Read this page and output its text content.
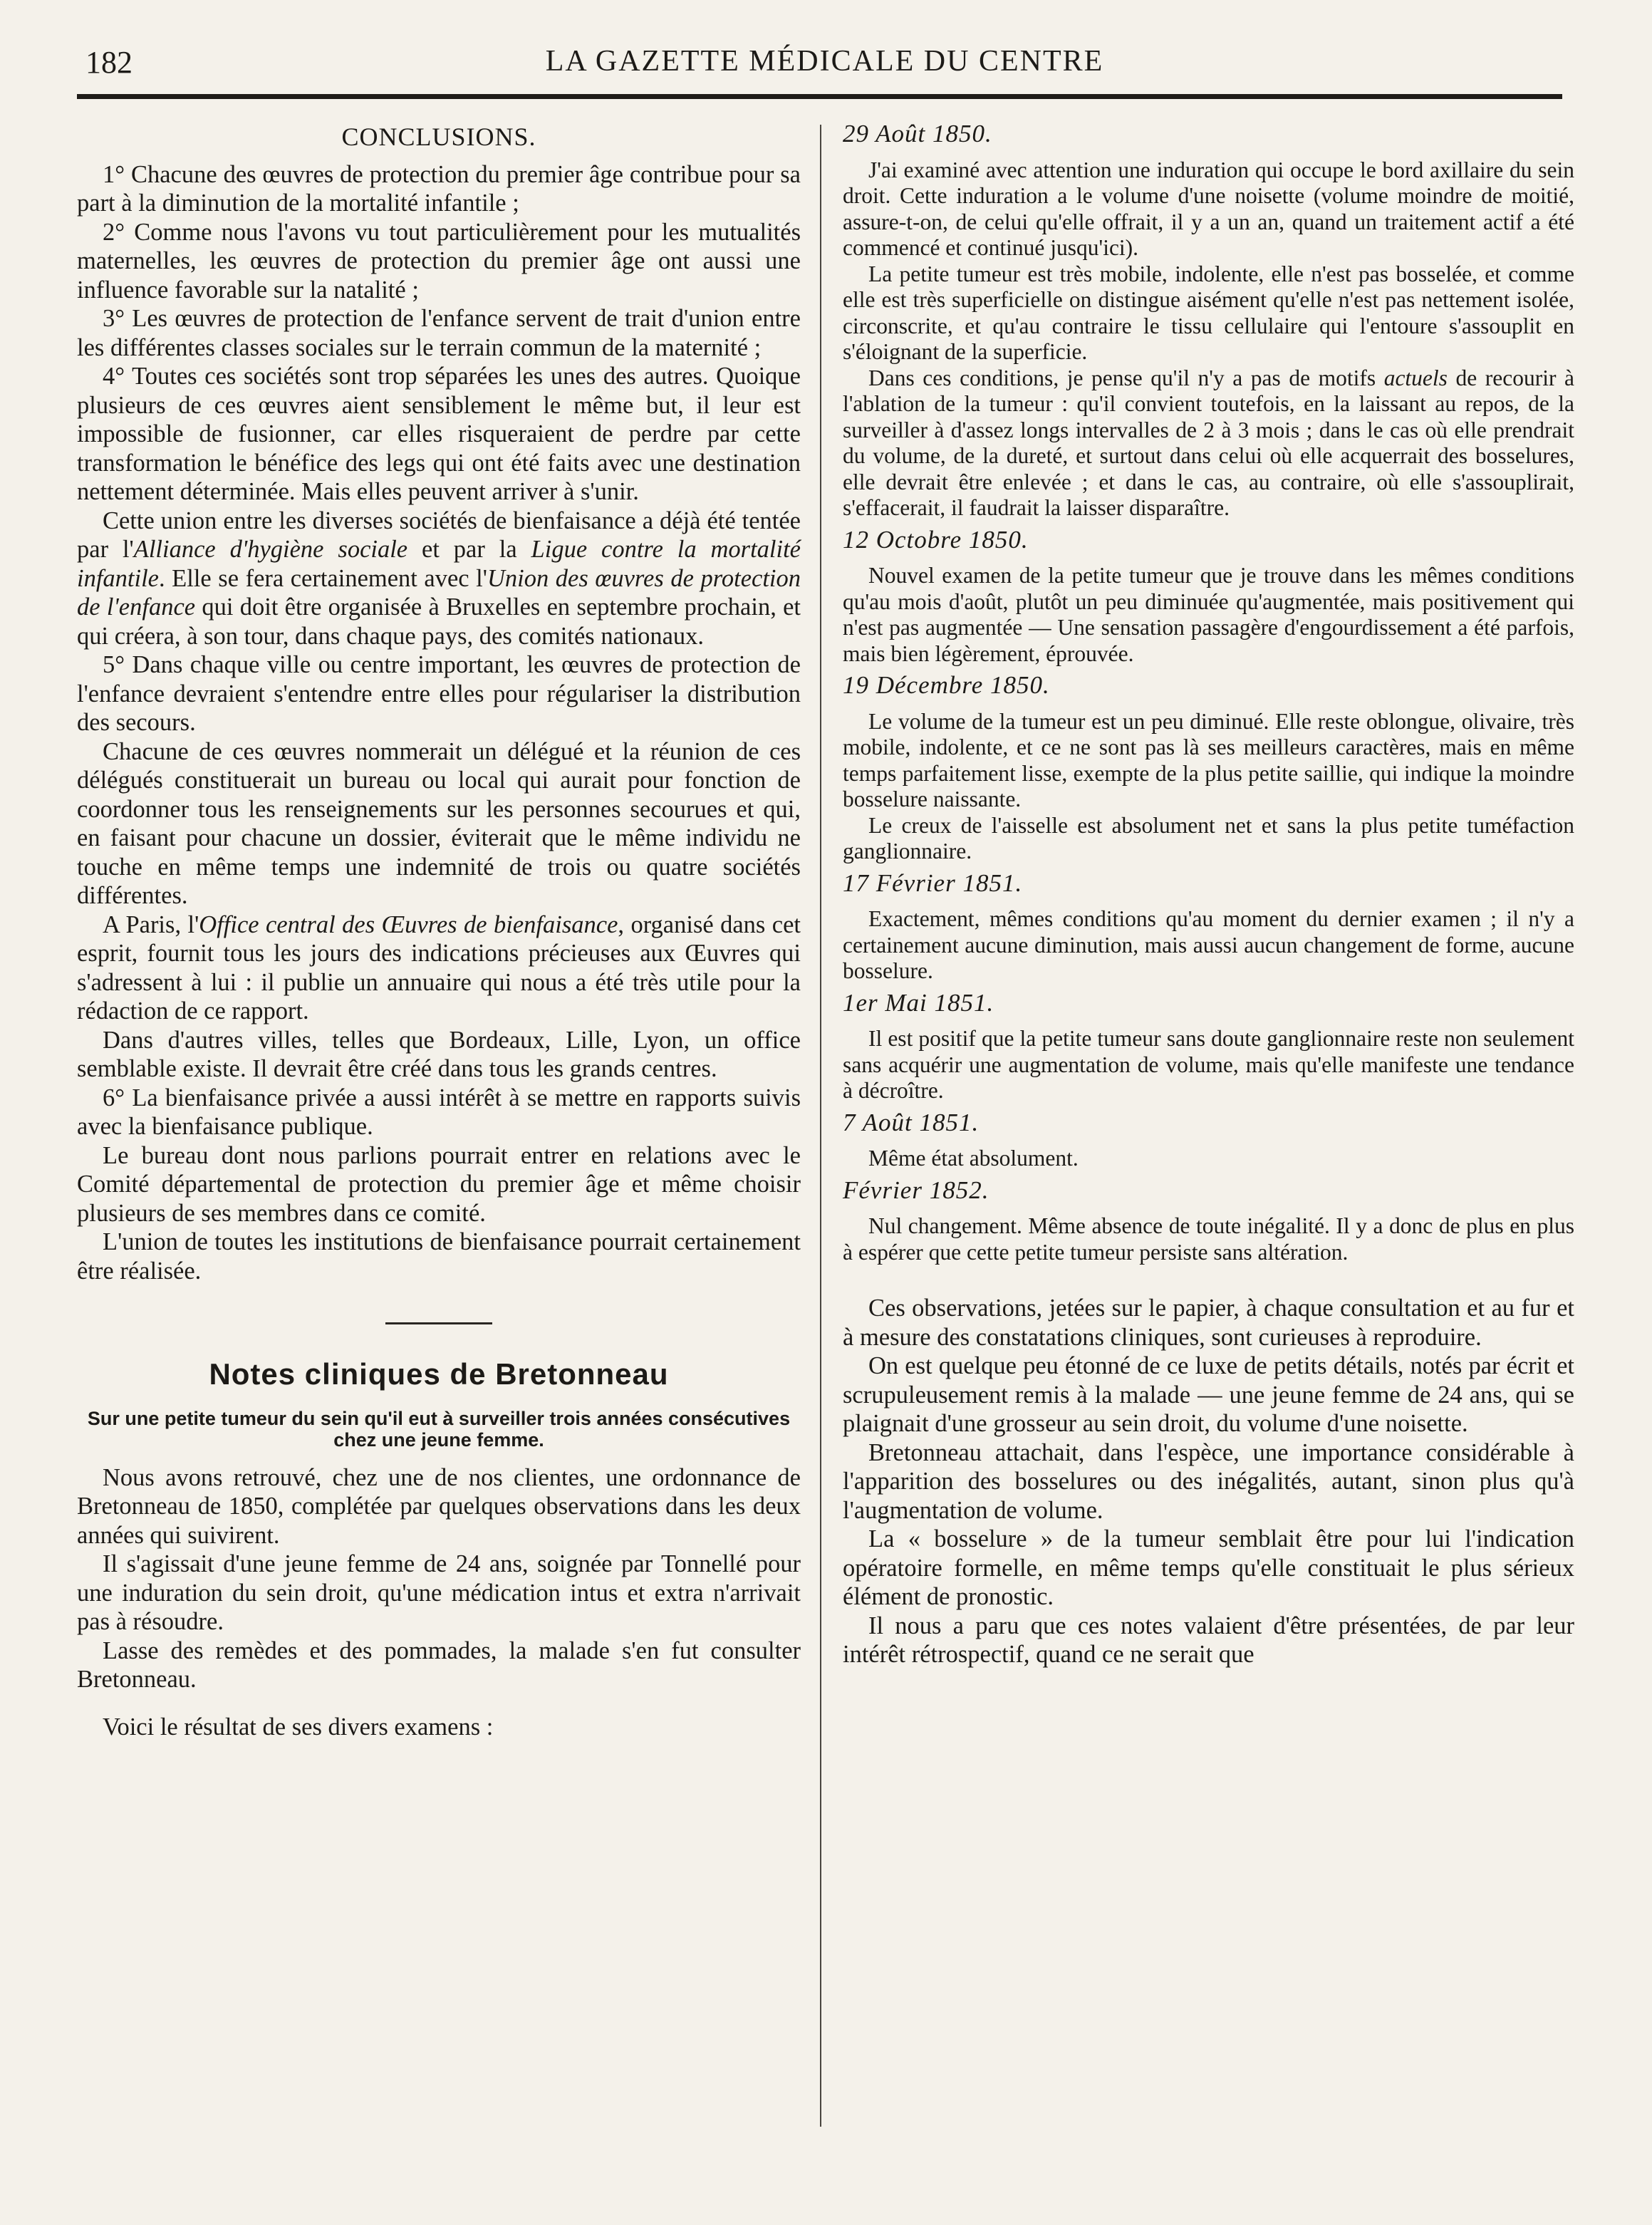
182	LA GAZETTE MÉDICALE DU CENTRE
CONCLUSIONS.

1° Chacune des œuvres de protection du premier âge contribue pour sa part à la diminution de la mortalité infantile ;

2° Comme nous l'avons vu tout particulièrement pour les mutualités maternelles, les œuvres de protection du premier âge ont aussi une influence favorable sur la natalité ;

3° Les œuvres de protection de l'enfance servent de trait d'union entre les différentes classes sociales sur le terrain commun de la maternité ;

4° Toutes ces sociétés sont trop séparées les unes des autres. Quoique plusieurs de ces œuvres aient sensiblement le même but, il leur est impossible de fusionner, car elles risqueraient de perdre par cette transformation le bénéfice des legs qui ont été faits avec une destination nettement déterminée. Mais elles peuvent arriver à s'unir.

Cette union entre les diverses sociétés de bienfaisance a déjà été tentée par l'Alliance d'hygiène sociale et par la Ligue contre la mortalité infantile. Elle se fera certainement avec l'Union des œuvres de protection de l'enfance qui doit être organisée à Bruxelles en septembre prochain, et qui créera, à son tour, dans chaque pays, des comités nationaux.

5° Dans chaque ville ou centre important, les œuvres de protection de l'enfance devraient s'entendre entre elles pour régulariser la distribution des secours.

Chacune de ces œuvres nommerait un délégué et la réunion de ces délégués constituerait un bureau ou local qui aurait pour fonction de coordonner tous les renseignements sur les personnes secourues et qui, en faisant pour chacune un dossier, éviterait que le même individu ne touche en même temps une indemnité de trois ou quatre sociétés différentes.

A Paris, l'Office central des Œuvres de bienfaisance, organisé dans cet esprit, fournit tous les jours des indications précieuses aux Œuvres qui s'adressent à lui : il publie un annuaire qui nous a été très utile pour la rédaction de ce rapport.

Dans d'autres villes, telles que Bordeaux, Lille, Lyon, un office semblable existe. Il devrait être créé dans tous les grands centres.

6° La bienfaisance privée a aussi intérêt à se mettre en rapports suivis avec la bienfaisance publique.

Le bureau dont nous parlions pourrait entrer en relations avec le Comité départemental de protection du premier âge et même choisir plusieurs de ses membres dans ce comité.

L'union de toutes les institutions de bienfaisance pourrait certainement être réalisée.

Notes cliniques de Bretonneau
Sur une petite tumeur du sein qu'il eut à surveiller trois années consécutives chez une jeune femme.

Nous avons retrouvé, chez une de nos clientes, une ordonnance de Bretonneau de 1850, complétée par quelques observations dans les deux années qui suivirent.

Il s'agissait d'une jeune femme de 24 ans, soignée par Tonnellé pour une induration du sein droit, qu'une médication intus et extra n'arrivait pas à résoudre.

Lasse des remèdes et des pommades, la malade s'en fut consulter Bretonneau.

Voici le résultat de ses divers examens :

29 Août 1850.

J'ai examiné avec attention une induration qui occupe le bord axillaire du sein droit. Cette induration a le volume d'une noisette (volume moindre de moitié, assure-t-on, de celui qu'elle offrait, il y a un an, quand un traitement actif a été commencé et continué jusqu'ici).

La petite tumeur est très mobile, indolente, elle n'est pas bosselée, et comme elle est très superficielle on distingue aisément qu'elle n'est pas nettement isolée, circonscrite, et qu'au contraire le tissu cellulaire qui l'entoure s'assouplit en s'éloignant de la superficie.

Dans ces conditions, je pense qu'il n'y a pas de motifs actuels de recourir à l'ablation de la tumeur : qu'il convient toutefois, en la laissant au repos, de la surveiller à d'assez longs intervalles de 2 à 3 mois ; dans le cas où elle prendrait du volume, de la dureté, et surtout dans celui où elle acquerrait des bosselures, elle devrait être enlevée ; et dans le cas, au contraire, où elle s'assouplirait, s'effacerait, il faudrait la laisser disparaître.

12 Octobre 1850.

Nouvel examen de la petite tumeur que je trouve dans les mêmes conditions qu'au mois d'août, plutôt un peu diminuée qu'augmentée, mais positivement qui n'est pas augmentée — Une sensation passagère d'engourdissement a été parfois, mais bien légèrement, éprouvée.

19 Décembre 1850.

Le volume de la tumeur est un peu diminué. Elle reste oblongue, olivaire, très mobile, indolente, et ce ne sont pas là ses meilleurs caractères, mais en même temps parfaitement lisse, exempte de la plus petite saillie, qui indique la moindre bosselure naissante.

Le creux de l'aisselle est absolument net et sans la plus petite tuméfaction ganglionnaire.

17 Février 1851.

Exactement, mêmes conditions qu'au moment du dernier examen ; il n'y a certainement aucune diminution, mais aussi aucun changement de forme, aucune bosselure.

1er Mai 1851.

Il est positif que la petite tumeur sans doute ganglionnaire reste non seulement sans acquérir une augmentation de volume, mais qu'elle manifeste une tendance à décroître.

7 Août 1851.

Même état absolument.

Février 1852.

Nul changement. Même absence de toute inégalité. Il y a donc de plus en plus à espérer que cette petite tumeur persiste sans altération.

Ces observations, jetées sur le papier, à chaque consultation et au fur et à mesure des constatations cliniques, sont curieuses à reproduire.

On est quelque peu étonné de ce luxe de petits détails, notés par écrit et scrupuleusement remis à la malade — une jeune femme de 24 ans, qui se plaignait d'une grosseur au sein droit, du volume d'une noisette.

Bretonneau attachait, dans l'espèce, une importance considérable à l'apparition des bosselures ou des inégalités, autant, sinon plus qu'à l'augmentation de volume.

La « bosselure » de la tumeur semblait être pour lui l'indication opératoire formelle, en même temps qu'elle constituait le plus sérieux élément de pronostic.

Il nous a paru que ces notes valaient d'être présentées, de par leur intérêt rétrospectif, quand ce ne serait que
